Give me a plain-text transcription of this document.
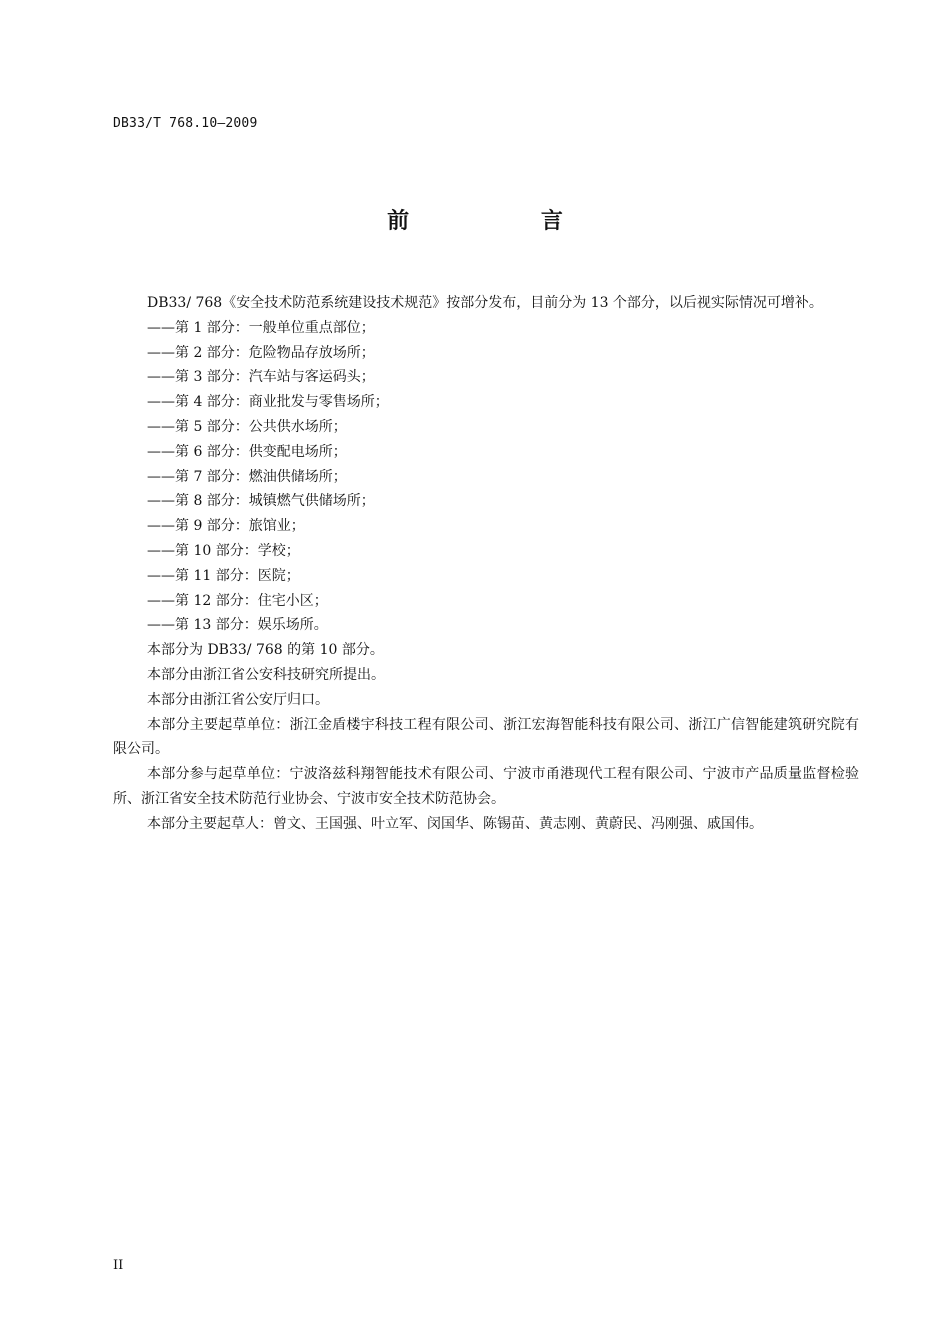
DB33/T 768.10—2009
前 言

DB33/ 768《安全技术防范系统建设技术规范》按部分发布，目前分为 13 个部分，以后视实际情况可增补。

——第 1 部分：一般单位重点部位；
——第 2 部分：危险物品存放场所；
——第 3 部分：汽车站与客运码头；
——第 4 部分：商业批发与零售场所；
——第 5 部分：公共供水场所；
——第 6 部分：供变配电场所；
——第 7 部分：燃油供储场所；
——第 8 部分：城镇燃气供储场所；
——第 9 部分：旅馆业；
——第 10 部分：学校；
——第 11 部分：医院；
——第 12 部分：住宅小区；
——第 13 部分：娱乐场所。

本部分为 DB33/ 768 的第 10 部分。

本部分由浙江省公安科技研究所提出。

本部分由浙江省公安厅归口。

本部分主要起草单位：浙江金盾楼宇科技工程有限公司、浙江宏海智能科技有限公司、浙江广信智能建筑研究院有限公司。

本部分参与起草单位：宁波洛兹科翔智能技术有限公司、宁波市甬港现代工程有限公司、宁波市产品质量监督检验所、浙江省安全技术防范行业协会、宁波市安全技术防范协会。

本部分主要起草人：曾文、王国强、叶立军、闵国华、陈锡苗、黄志刚、黄蔚民、冯刚强、戚国伟。

II
